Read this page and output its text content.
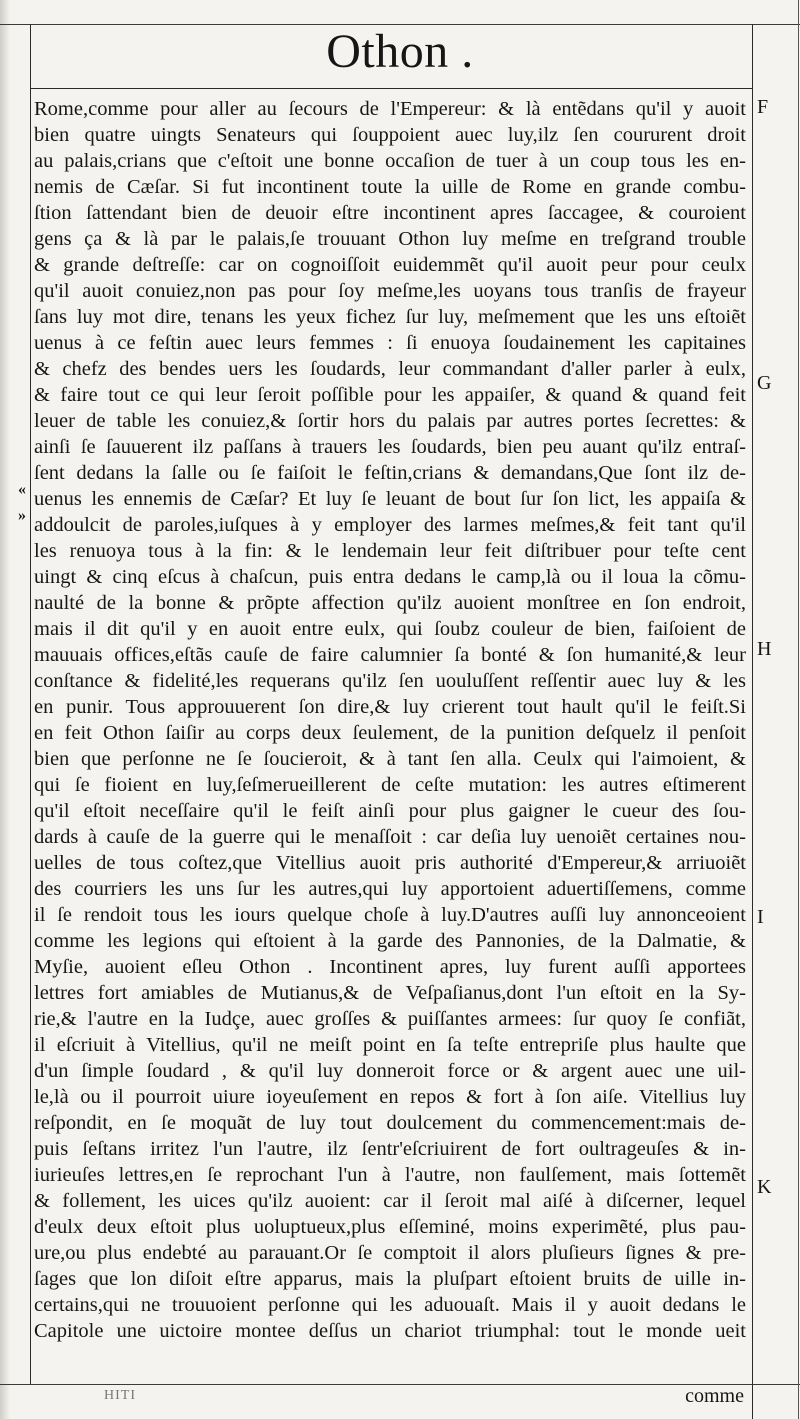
Othon .
Rome,comme pour aller au ſecours de l'Empereur: & là entẽdans qu'il y auoit
bien quatre uingts Senateurs qui ſouppoient auec luy,ilz ſen coururent droit
au palais,crians que c'eſtoit une bonne occaſion de tuer à un coup tous les en-
nemis de Cæſar. Si fut incontinent toute la uille de Rome en grande combu-
ſtion ſattendant bien de deuoir eſtre incontinent apres ſaccagee, & couroient
gens ça & là par le palais,ſe trouuant Othon luy meſme en treſgrand trouble
& grande deſtreſſe: car on cognoiſſoit euidemmẽt qu'il auoit peur pour ceulx
qu'il auoit conuiez,non pas pour ſoy meſme,les uoyans tous tranſis de frayeur
ſans luy mot dire, tenans les yeux fichez ſur luy, meſmement que les uns eſtoiẽt
uenus à ce feſtin auec leurs femmes : ſi enuoya ſoudainement les capitaines
& chefz des bendes uers les ſoudards, leur commandant d'aller parler à eulx,
& faire tout ce qui leur ſeroit poſſible pour les appaiſer, & quand & quand feit
leuer de table les conuiez,& ſortir hors du palais par autres portes ſecrettes: &
ainſi ſe ſauuerent ilz paſſans à trauers les ſoudards, bien peu auant qu'ilz entraſ-
ſent dedans la ſalle ou ſe faiſoit le feſtin,crians & demandans,Que ſont ilz de-
uenus les ennemis de Cæſar? Et luy ſe leuant de bout ſur ſon lict, les appaiſa &
addoulcit de paroles,iuſques à y employer des larmes meſmes,& feit tant qu'il
les renuoya tous à la fin: & le lendemain leur feit diſtribuer pour teſte cent
uingt & cinq eſcus à chaſcun, puis entra dedans le camp,là ou il loua la cõmu-
naulté de la bonne & prõpte affection qu'ilz auoient monſtree en ſon endroit,
mais il dit qu'il y en auoit entre eulx, qui ſoubz couleur de bien, faiſoient de
mauuais offices,eſtãs cauſe de faire calumnier ſa bonté & ſon humanité,& leur
conſtance & fidelité,les requerans qu'ilz ſen uouluſſent reſſentir auec luy & les
en punir. Tous approuuerent ſon dire,& luy crierent tout hault qu'il le feiſt.Si
en feit Othon ſaiſir au corps deux ſeulement, de la punition deſquelz il penſoit
bien que perſonne ne ſe ſoucieroit, & à tant ſen alla. Ceulx qui l'aimoient, &
qui ſe fioient en luy,ſeſmerueillerent de ceſte mutation: les autres eſtimerent
qu'il eſtoit neceſſaire qu'il le feiſt ainſi pour plus gaigner le cueur des ſou-
dards à cauſe de la guerre qui le menaſſoit : car deſia luy uenoiẽt certaines nou-
uelles de tous coſtez,que Vitellius auoit pris authorité d'Empereur,& arriuoiẽt
des courriers les uns ſur les autres,qui luy apportoient aduertiſſemens, comme
il ſe rendoit tous les iours quelque choſe à luy.D'autres auſſi luy annonceoient
comme les legions qui eſtoient à la garde des Pannonies, de la Dalmatie, &
Myſie, auoient eſleu Othon . Incontinent apres, luy furent auſſi apportees
lettres fort amiables de Mutianus,& de Veſpaſianus,dont l'un eſtoit en la Sy-
rie,& l'autre en la Iudçe, auec groſſes & puiſſantes armees: ſur quoy ſe confiãt,
il eſcriuit à Vitellius, qu'il ne meiſt point en ſa teſte entrepriſe plus haulte que
d'un ſimple ſoudard , & qu'il luy donneroit force or & argent auec une uil-
le,là ou il pourroit uiure ioyeuſement en repos & fort à ſon aiſe. Vitellius luy
reſpondit, en ſe moquãt de luy tout doulcement du commencement:mais de-
puis ſeſtans irritez l'un l'autre, ilz ſentr'eſcriuirent de fort oultrageuſes & in-
iurieuſes lettres,en ſe reprochant l'un à l'autre, non faulſement, mais ſottemẽt
& follement, les uices qu'ilz auoient: car il ſeroit mal aiſé à diſcerner, lequel
d'eulx deux eſtoit plus uoluptueux,plus eſſeminé, moins experimẽté, plus pau-
ure,ou plus endebté au parauant.Or ſe comptoit il alors pluſieurs ſignes & pre-
ſages que lon diſoit eſtre apparus, mais la pluſpart eſtoient bruits de uille in-
certains,qui ne trouuoient perſonne qui les aduouaſt. Mais il y auoit dedans le
Capitole une uictoire montee deſſus un chariot triumphal: tout le monde ueit
F
G
H
I
K
«
»
comme
HITI
